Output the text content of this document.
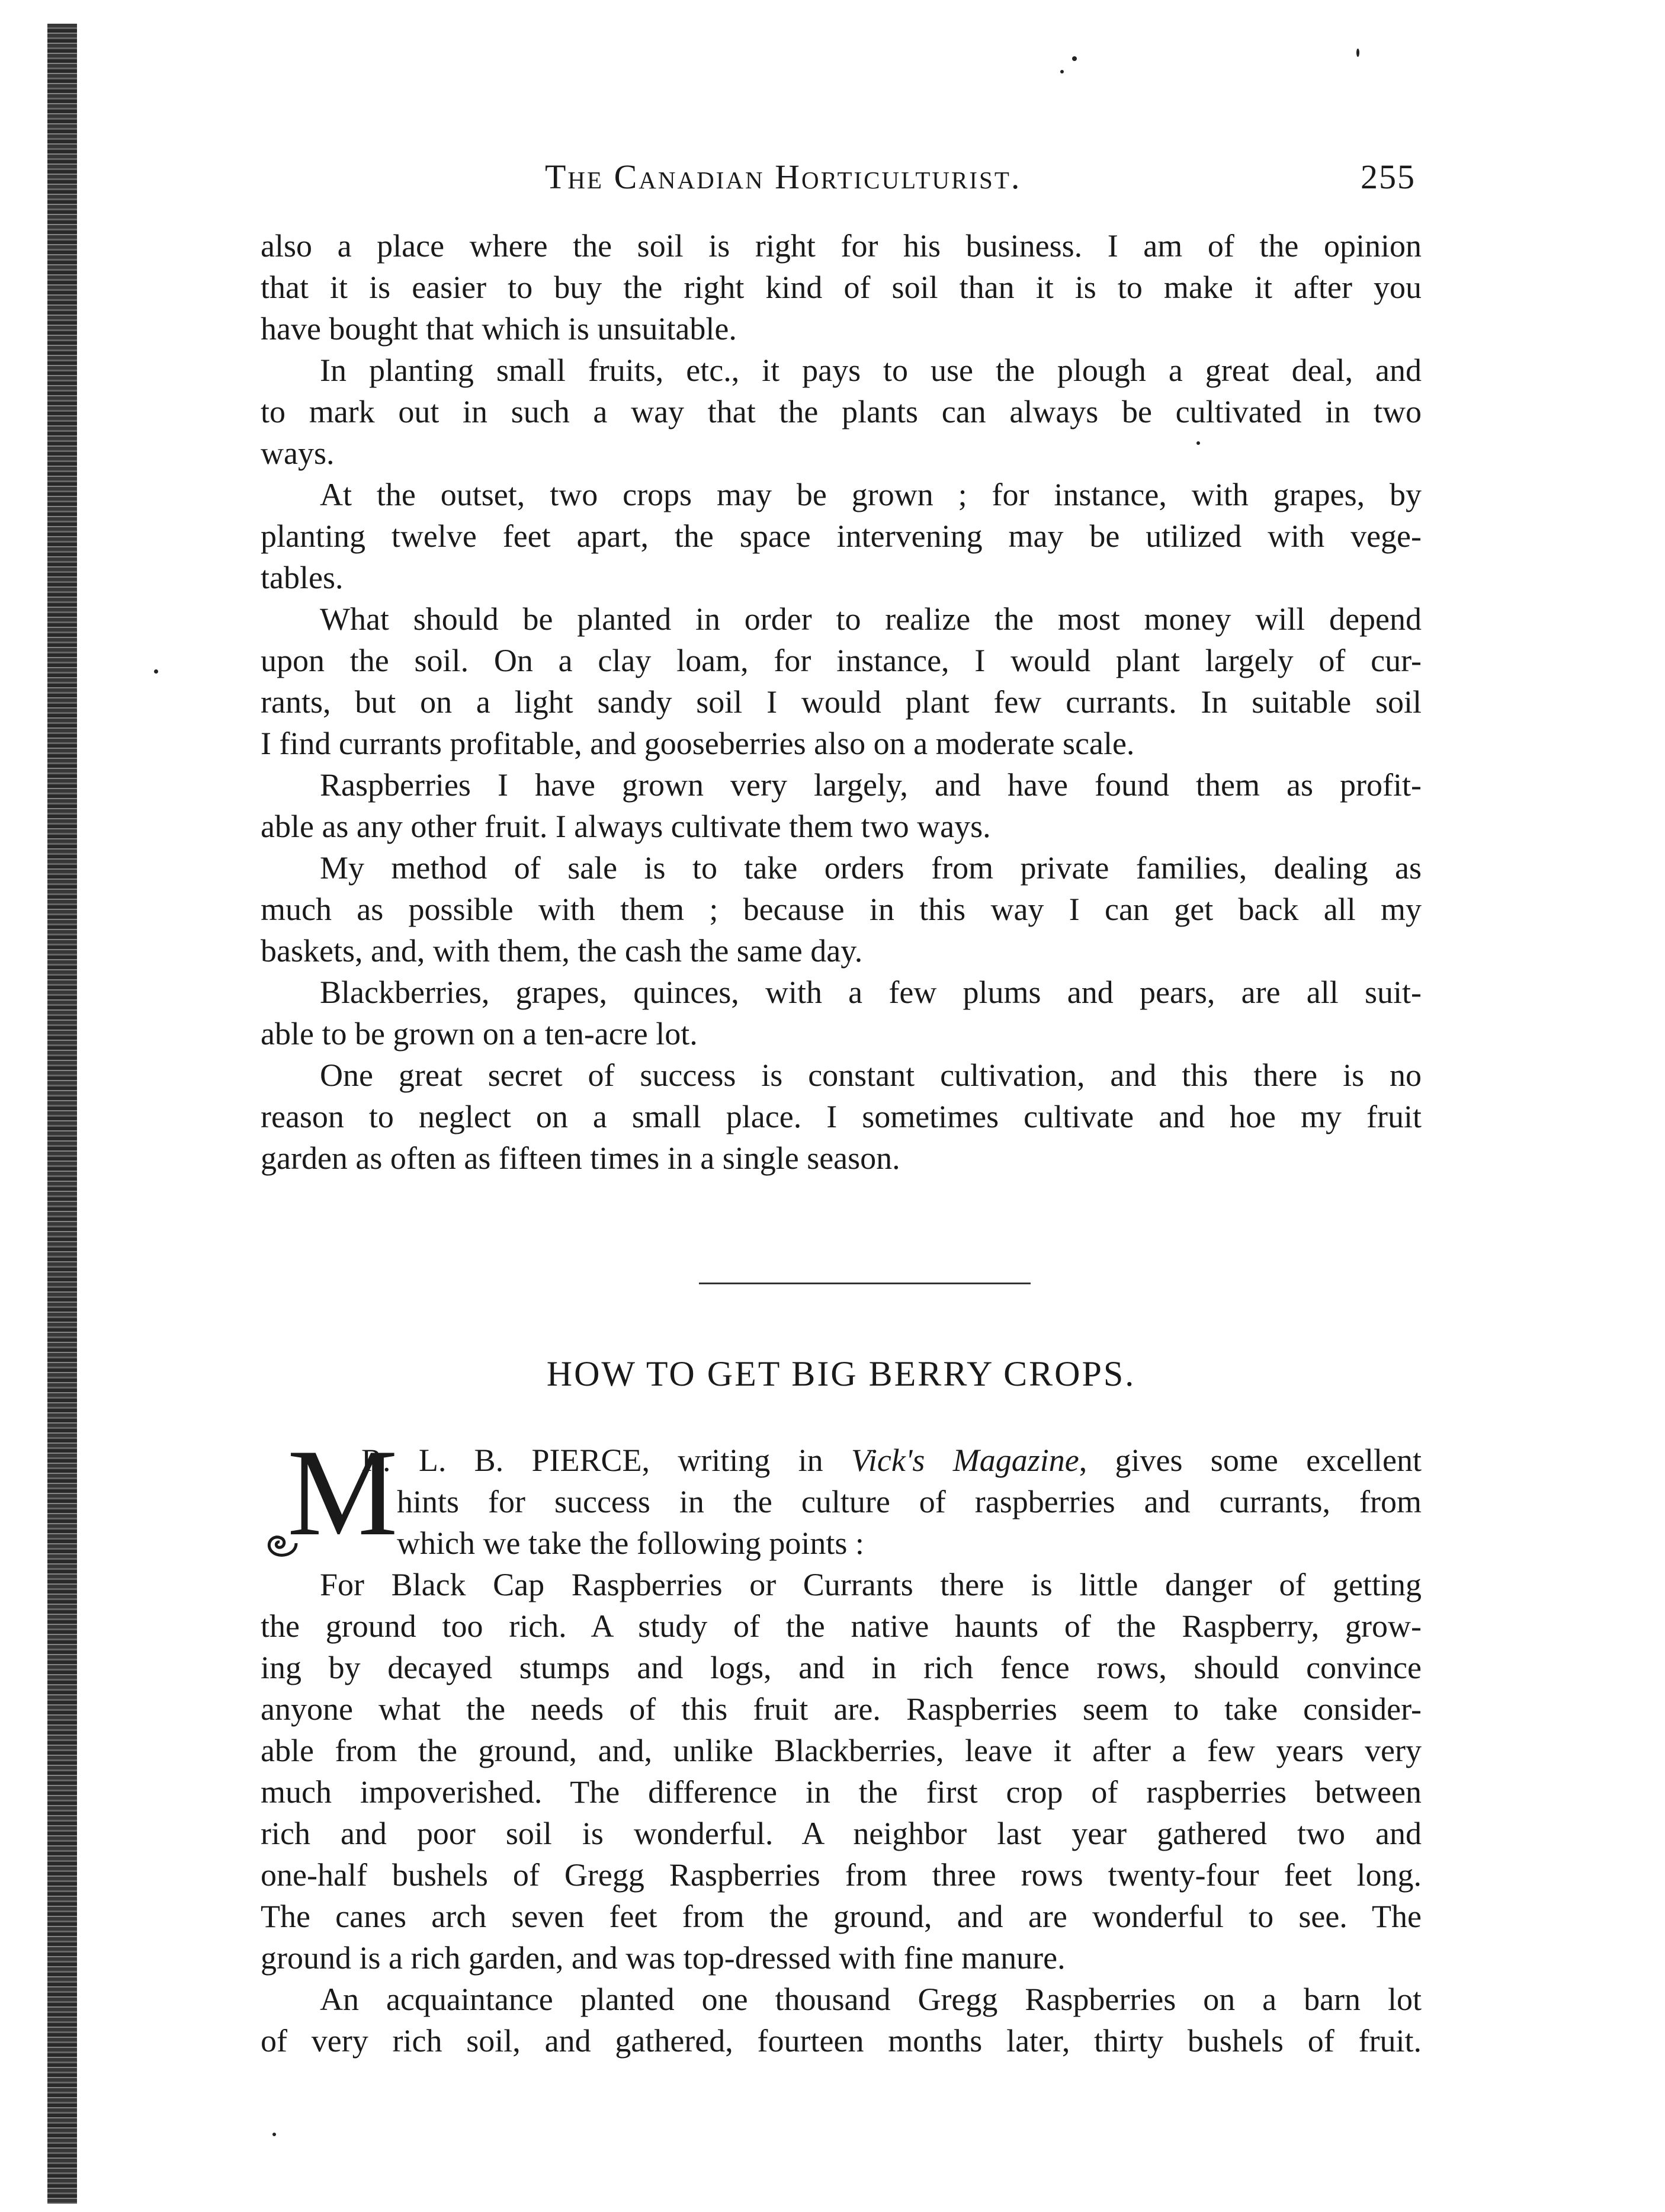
The Canadian Horticulturist.	255
also a place where the soil is right for his business. I am of the opinion
that it is easier to buy the right kind of soil than it is to make it after you
have bought that which is unsuitable.
In planting small fruits, etc., it pays to use the plough a great deal, and
to mark out in such a way that the plants can always be cultivated in two
ways.
At the outset, two crops may be grown ; for instance, with grapes, by
planting twelve feet apart, the space intervening may be utilized with vege-
tables.
What should be planted in order to realize the most money will depend
upon the soil. On a clay loam, for instance, I would plant largely of cur-
rants, but on a light sandy soil I would plant few currants. In suitable soil
I find currants profitable, and gooseberries also on a moderate scale.
Raspberries I have grown very largely, and have found them as profit-
able as any other fruit. I always cultivate them two ways.
My method of sale is to take orders from private families, dealing as
much as possible with them ; because in this way I can get back all my
baskets, and, with them, the cash the same day.
Blackberries, grapes, quinces, with a few plums and pears, are all suit-
able to be grown on a ten-acre lot.
One great secret of success is constant cultivation, and this there is no
reason to neglect on a small place. I sometimes cultivate and hoe my fruit
garden as often as fifteen times in a single season.
HOW TO GET BIG BERRY CROPS.
M
R. L. B. PIERCE, writing in Vick's Magazine, gives some excellent
hints for success in the culture of raspberries and currants, from
which we take the following points :
For Black Cap Raspberries or Currants there is little danger of getting
the ground too rich. A study of the native haunts of the Raspberry, grow-
ing by decayed stumps and logs, and in rich fence rows, should convince
anyone what the needs of this fruit are. Raspberries seem to take consider-
able from the ground, and, unlike Blackberries, leave it after a few years very
much impoverished. The difference in the first crop of raspberries between
rich and poor soil is wonderful. A neighbor last year gathered two and
one-half bushels of Gregg Raspberries from three rows twenty-four feet long.
The canes arch seven feet from the ground, and are wonderful to see. The
ground is a rich garden, and was top-dressed with fine manure.
An acquaintance planted one thousand Gregg Raspberries on a barn lot
of very rich soil, and gathered, fourteen months later, thirty bushels of fruit.
